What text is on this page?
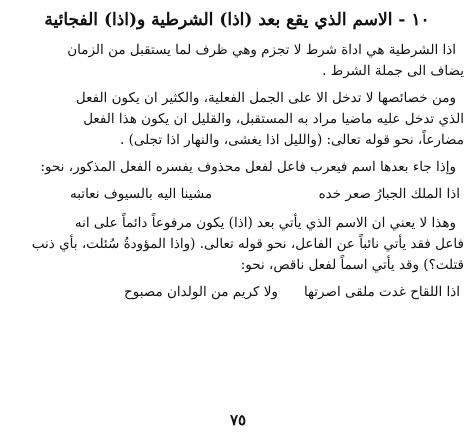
١٠ - الاسم الذي يقع بعد (اذا) الشرطية و(اذا) الفجائية
اذا الشرطية هي اداة شرط لا تجزم وهي ظرف لما يستقبل من الزمان
يضاف الى جملة الشرط .
ومن خصائصها لا تدخل الا على الجمل الفعلية، والكثير ان يكون الفعل
الذي تدخل عليه ماضيا مراد به المستقبل، والقليل ان يكون هذا الفعل
مضارعاً، نحو قوله تعالى: (والليل اذا يغشى، والنهار اذا تجلى) .
وإذا جاء بعدها اسم فيعرب فاعل لفعل محذوف يفسره الفعل المذكور، نحو:
اذا الملك الجبارُ صعر خده
مشينا اليه بالسيوف نعاتبه
وهذا لا يعني ان الاسم الذي يأتي بعد (اذا) يكون مرفوعاً دائماً على انه
فاعل فقد يأتي نائباً عن الفاعل، نحو قوله تعالى. (واذا المؤودةُ سُئلت، بأي ذنب
قتلت؟) وقد يأتي اسماً لفعل ناقص، نحو:
اذا اللقاح غدت ملقى اصرتها
ولا كريم من الولدان مصبوح
٧٥
